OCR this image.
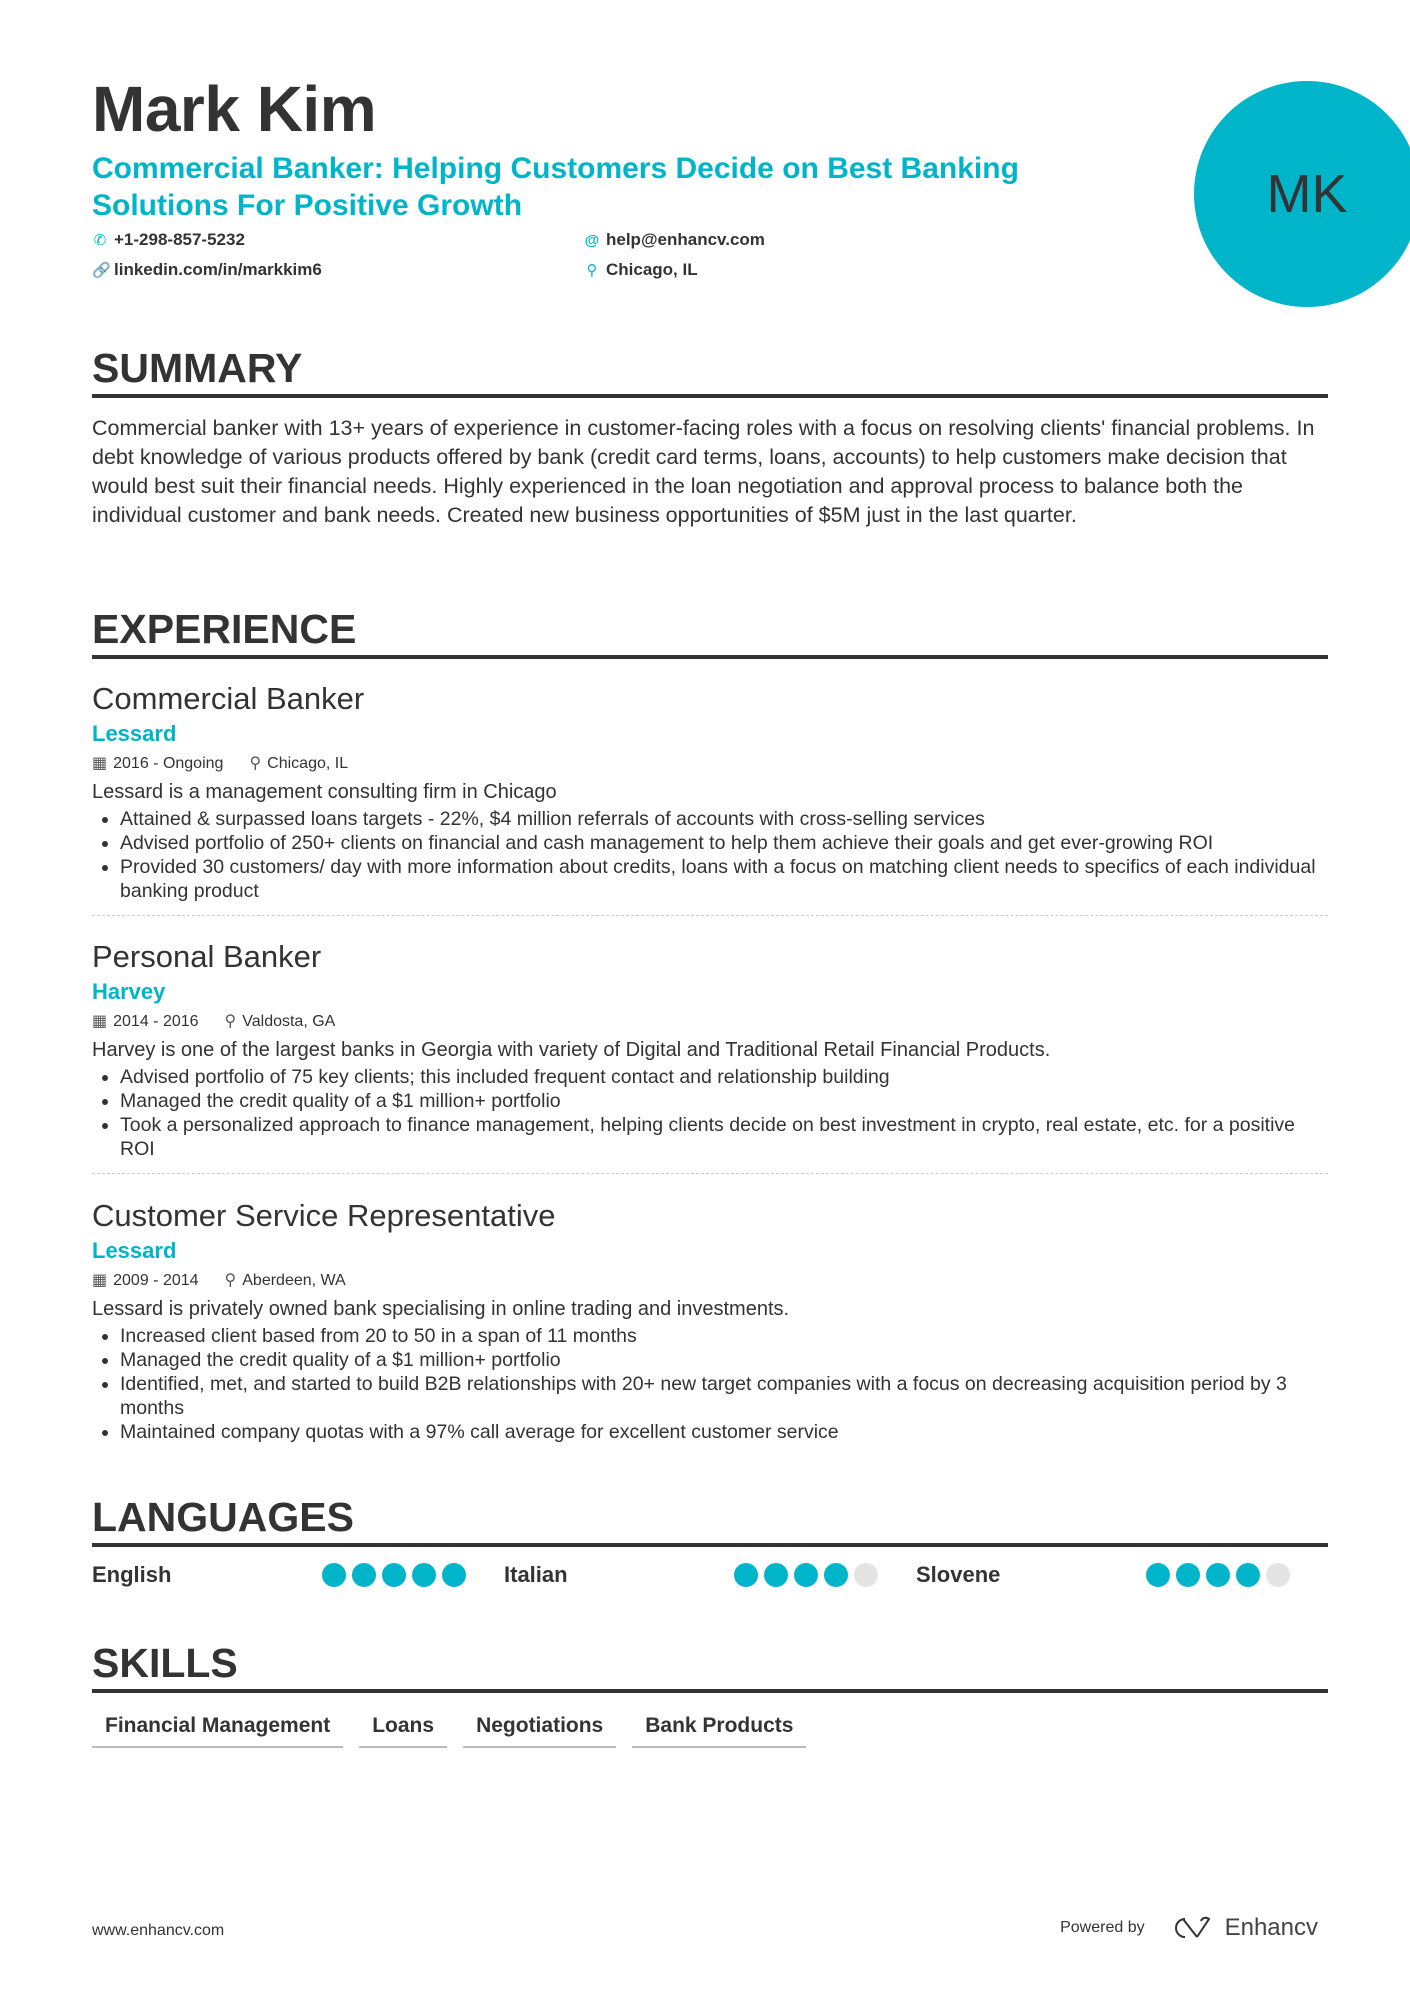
Mark Kim

Commercial Banker: Helping Customers Decide on Best Banking Solutions For Positive Growth

✆ +1-298-857-5232	@ help@enhancv.com
🔗 linkedin.com/in/markkim6	⚲ Chicago, IL
MK
SUMMARY

Commercial banker with 13+ years of experience in customer-facing roles with a focus on resolving clients' financial problems. In debt knowledge of various products offered by bank (credit card terms, loans, accounts) to help customers make decision that would best suit their financial needs. Highly experienced in the loan negotiation and approval process to balance both the individual customer and bank needs. Created new business opportunities of $5M just in the last quarter.

EXPERIENCE
Commercial Banker
Lessard
▦ 2016 - Ongoing ⚲ Chicago, IL
Lessard is a management consulting firm in Chicago
• Attained & surpassed loans targets - 22%, $4 million referrals of accounts with cross-selling services
• Advised portfolio of 250+ clients on financial and cash management to help them achieve their goals and get ever-growing ROI
• Provided 30 customers/ day with more information about credits, loans with a focus on matching client needs to specifics of each individual banking product
Personal Banker
Harvey
▦ 2014 - 2016 ⚲ Valdosta, GA
Harvey is one of the largest banks in Georgia with variety of Digital and Traditional Retail Financial Products.
• Advised portfolio of 75 key clients; this included frequent contact and relationship building
• Managed the credit quality of a $1 million+ portfolio
• Took a personalized approach to finance management, helping clients decide on best investment in crypto, real estate, etc. for a positive ROI
Customer Service Representative
Lessard
▦ 2009 - 2014 ⚲ Aberdeen, WA
Lessard is privately owned bank specialising in online trading and investments.
• Increased client based from 20 to 50 in a span of 11 months
• Managed the credit quality of a $1 million+ portfolio
• Identified, met, and started to build B2B relationships with 20+ new target companies with a focus on decreasing acquisition period by 3 months
• Maintained company quotas with a 97% call average for excellent customer service
LANGUAGES
English	Italian	Slovene
SKILLS
Financial Management	Loans	Negotiations	Bank Products
www.enhancv.com	Powered by	Enhancv
